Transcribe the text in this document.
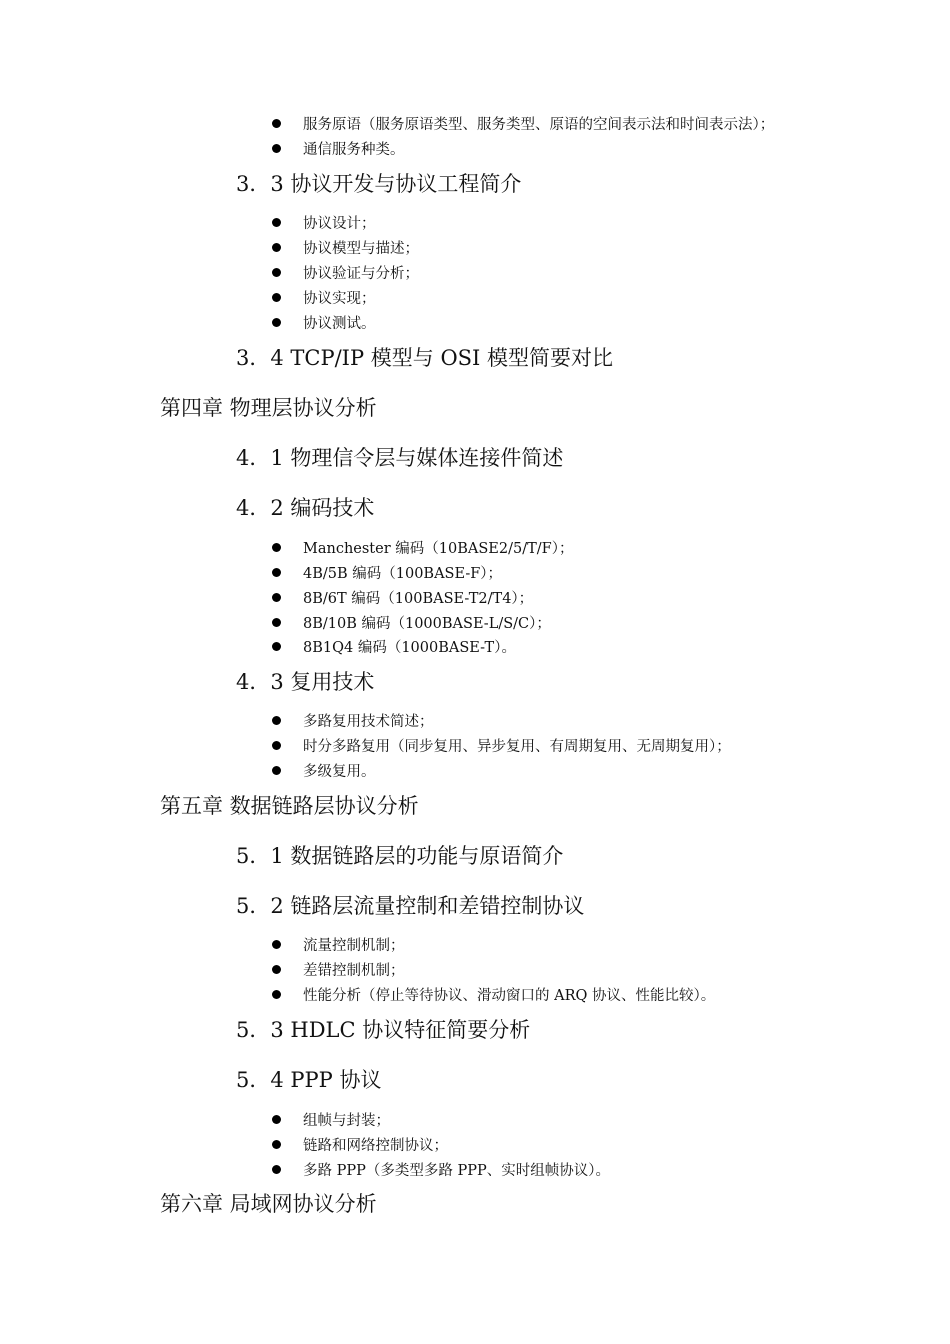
服务原语（服务原语类型、服务类型、原语的空间表示法和时间表示法）；
通信服务种类。
3．3 协议开发与协议工程简介
协议设计；
协议模型与描述；
协议验证与分析；
协议实现；
协议测试。
3．4 TCP/IP 模型与 OSI 模型简要对比
第四章 物理层协议分析
4．1 物理信令层与媒体连接件简述
4．2 编码技术
Manchester 编码（10BASE2/5/T/F）；
4B/5B 编码（100BASE-F）；
8B/6T 编码（100BASE-T2/T4）；
8B/10B 编码（1000BASE-L/S/C）；
8B1Q4 编码（1000BASE-T）。
4．3 复用技术
多路复用技术简述；
时分多路复用（同步复用、异步复用、有周期复用、无周期复用）；
多级复用。
第五章 数据链路层协议分析
5．1 数据链路层的功能与原语简介
5．2 链路层流量控制和差错控制协议
流量控制机制；
差错控制机制；
性能分析（停止等待协议、滑动窗口的 ARQ 协议、性能比较）。
5．3 HDLC 协议特征简要分析
5．4 PPP 协议
组帧与封装；
链路和网络控制协议；
多路 PPP（多类型多路 PPP、实时组帧协议）。
第六章 局域网协议分析
